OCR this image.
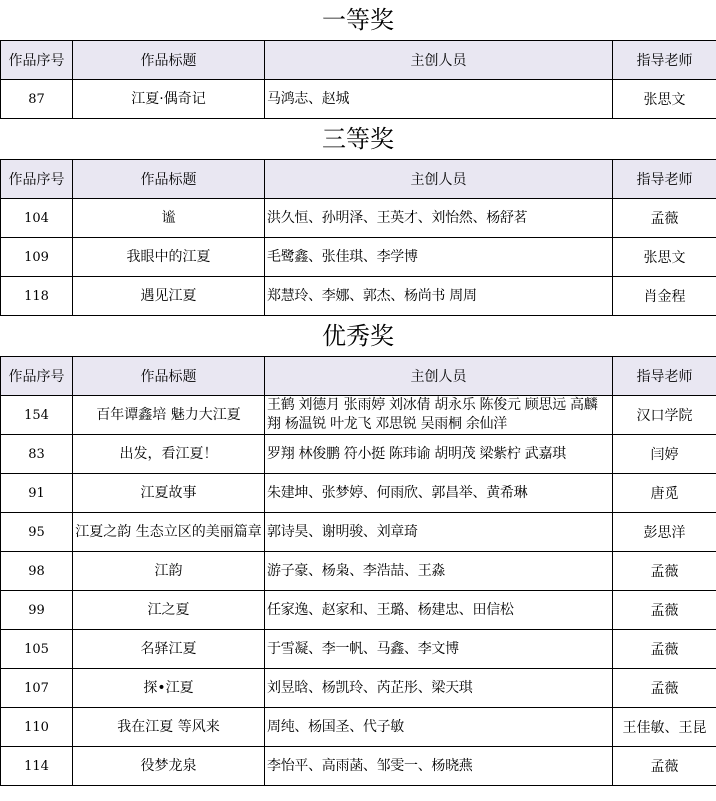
一等奖
作品序号	作品标题	主创人员	指导老师
87	江夏·偶奇记	马鸿志、赵城	张思文
三等奖
作品序号	作品标题	主创人员	指导老师
104	谧	洪久恒、孙明泽、王英才、刘怡然、杨舒茗	孟薇
109	我眼中的江夏	毛鹭鑫、张佳琪、李学博	张思文
118	遇见江夏	郑慧玲、李娜、郭杰、杨尚书 周周	肖金程
优秀奖
作品序号	作品标题	主创人员	指导老师
154	百年谭鑫培 魅力大江夏	王鹤 刘德月 张雨婷 刘冰倩 胡永乐 陈俊元 顾思远 高麟翔 杨温锐 叶龙飞 邓思锐 吴雨桐 余仙洋	汉口学院
83	出发，看江夏！	罗翔 林俊鹏 符小挺 陈玮谕 胡明茂 梁紫柠 武嘉琪	闫婷
91	江夏故事	朱建坤、张梦婷、何雨欣、郭昌举、黄希琳	唐觅
95	江夏之韵 生态立区的美丽篇章	郭诗昊、谢明骏、刘章琦	彭思洋
98	江韵	游子豪、杨枭、李浩喆、王淼	孟薇
99	江之夏	任家逸、赵家和、王璐、杨建忠、田信松	孟薇
105	名驿江夏	于雪凝、李一帆、马鑫、李文博	孟薇
107	探•江夏	刘昱晗、杨凯玲、芮芷彤、梁天琪	孟薇
110	我在江夏 等风来	周纯、杨国圣、代子敏	王佳敏、王昆
114	役梦龙泉	李怡平、高雨菡、邹雯一、杨晓燕	孟薇
